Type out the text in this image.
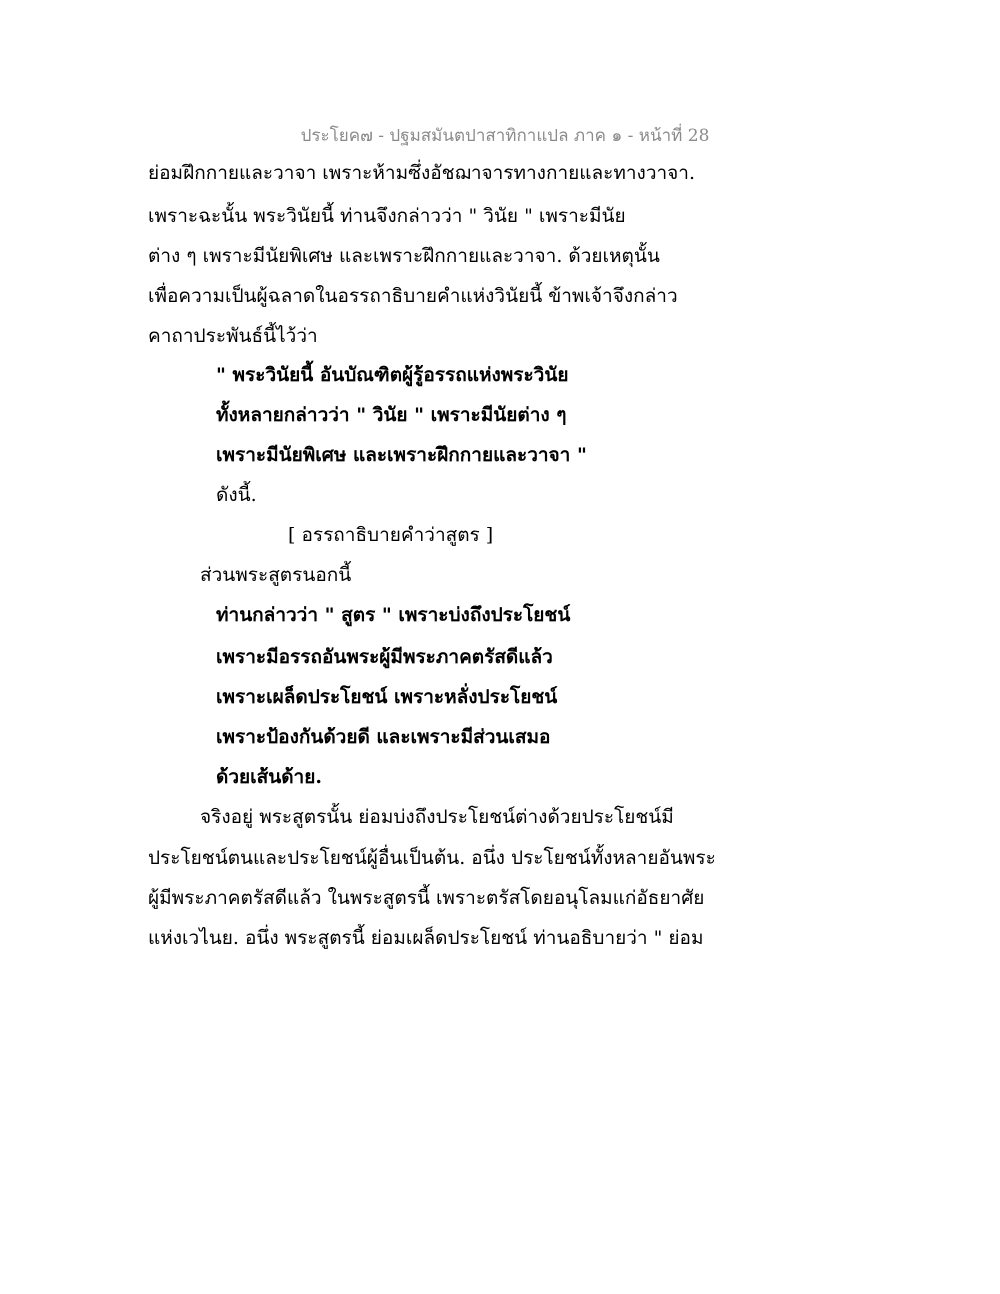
ประโยค๗ - ปฐมสมันตปาสาทิกาแปล ภาค ๑ - หน้าที่ 28
ย่อมฝึกกายและวาจา เพราะห้ามซึ่งอัชฌาจารทางกายและทางวาจา.
เพราะฉะนั้น พระวินัยนี้ ท่านจึงกล่าวว่า " วินัย " เพราะมีนัย
ต่าง ๆ เพราะมีนัยพิเศษ และเพราะฝึกกายและวาจา. ด้วยเหตุนั้น
เพื่อความเป็นผู้ฉลาดในอรรถาธิบายคำแห่งวินัยนี้ ข้าพเจ้าจึงกล่าว
คาถาประพันธ์นี้ไว้ว่า
" พระวินัยนี้ อันบัณฑิตผู้รู้อรรถแห่งพระวินัย
ทั้งหลายกล่าวว่า " วินัย " เพราะมีนัยต่าง ๆ
เพราะมีนัยพิเศษ และเพราะฝึกกายและวาจา "
ดังนี้.
[ อรรถาธิบายคำว่าสูตร ]
ส่วนพระสูตรนอกนี้
ท่านกล่าวว่า " สูตร " เพราะบ่งถึงประโยชน์
เพราะมีอรรถอันพระผู้มีพระภาคตรัสดีแล้ว
เพราะเผล็ดประโยชน์ เพราะหลั่งประโยชน์
เพราะป้องกันด้วยดี และเพราะมีส่วนเสมอ
ด้วยเส้นด้าย.
จริงอยู่ พระสูตรนั้น ย่อมบ่งถึงประโยชน์ต่างด้วยประโยชน์มี
ประโยชน์ตนและประโยชน์ผู้อื่นเป็นต้น. อนึ่ง ประโยชน์ทั้งหลายอันพระ
ผู้มีพระภาคตรัสดีแล้ว ในพระสูตรนี้ เพราะตรัสโดยอนุโลมแก่อัธยาศัย
แห่งเวไนย. อนึ่ง พระสูตรนี้ ย่อมเผล็ดประโยชน์ ท่านอธิบายว่า " ย่อม
